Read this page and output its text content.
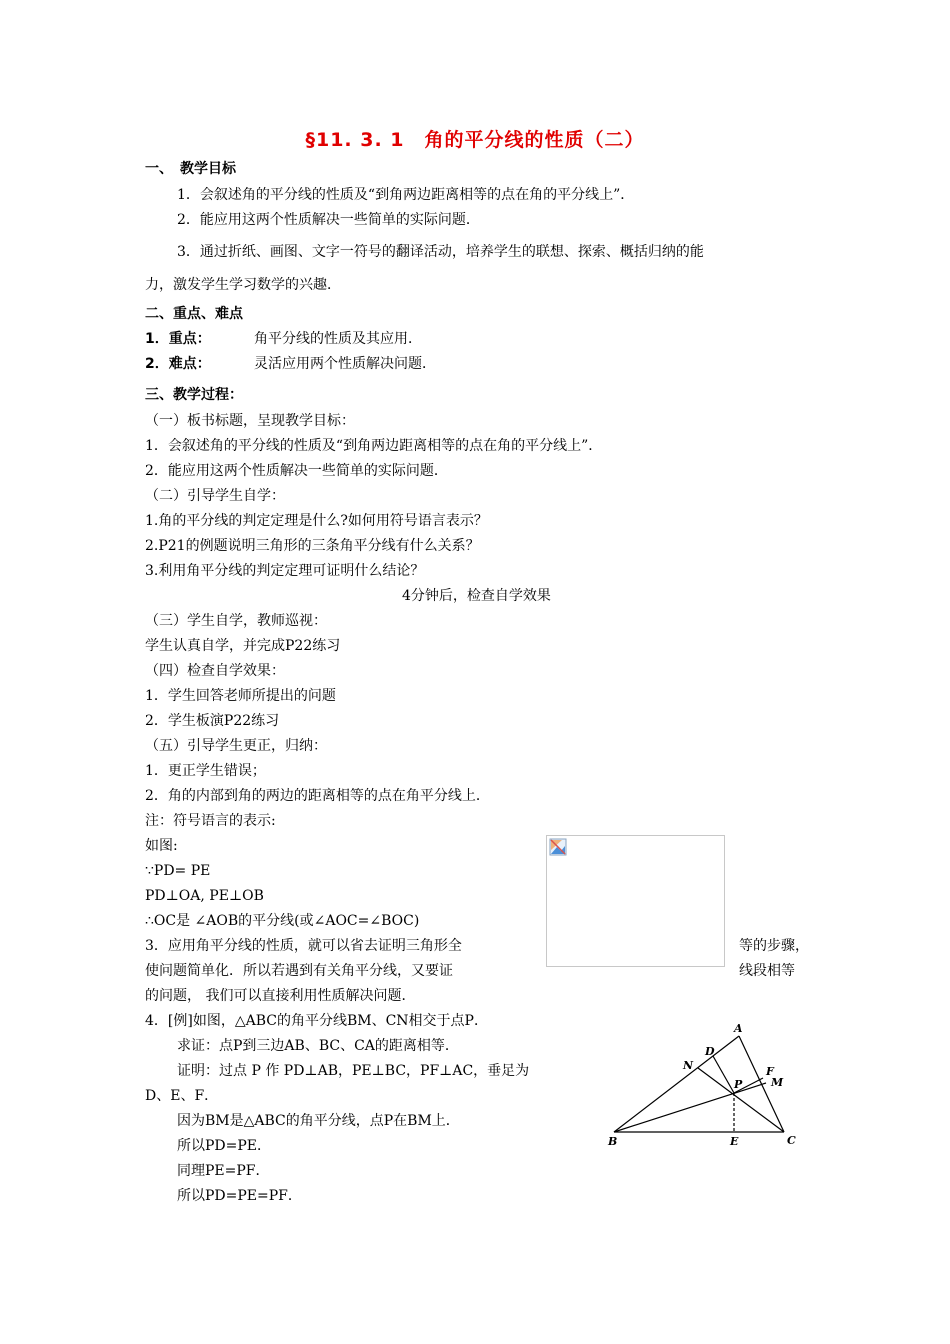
§11. 3. 1　角的平分线的性质（二）
一、　教学目标
1．会叙述角的平分线的性质及“到角两边距离相等的点在角的平分线上”．
2．能应用这两个性质解决一些简单的实际问题．
3．通过折纸、画图、文字一符号的翻译活动，培养学生的联想、探索、概括归纳的能
力，激发学生学习数学的兴趣．
二、重点、难点
1．重点：	角平分线的性质及其应用．
2．难点：	灵活应用两个性质解决问题．
三、教学过程：
（一）板书标题，呈现教学目标：
1．会叙述角的平分线的性质及“到角两边距离相等的点在角的平分线上”．
2．能应用这两个性质解决一些简单的实际问题．
（二）引导学生自学：
1.角的平分线的判定定理是什么?如何用符号语言表示？
2.P21的例题说明三角形的三条角平分线有什么关系？
3.利用角平分线的判定定理可证明什么结论？
4分钟后，检查自学效果
（三）学生自学，教师巡视：
学生认真自学，并完成P22练习
（四）检查自学效果：
1．学生回答老师所提出的问题
2．学生板演P22练习
（五）引导学生更正，归纳：
1．更正学生错误；
2．角的内部到角的两边的距离相等的点在角平分线上．
注：符号语言的表示:
如图:
∵PD= PE
PD⊥OA, PE⊥OB
∴OC是 ∠AOB的平分线(或∠AOC=∠BOC)
3．应用角平分线的性质，就可以省去证明三角形全	等的步骤，
使问题简单化．所以若遇到有关角平分线，又要证	线段相等
的问题， 我们可以直接利用性质解决问题．
4．[例]如图，△ABC的角平分线BM、CN相交于点P．
求证：点P到三边AB、BC、CA的距离相等．
证明：过点 P 作 PD⊥AB，PE⊥BC，PF⊥AC，垂足为
D、E、F．
因为BM是△ABC的角平分线，点P在BM上．
所以PD=PE．
同理PE=PF．
所以PD=PE=PF．
A
D
N	F
M
P
B	E	C
